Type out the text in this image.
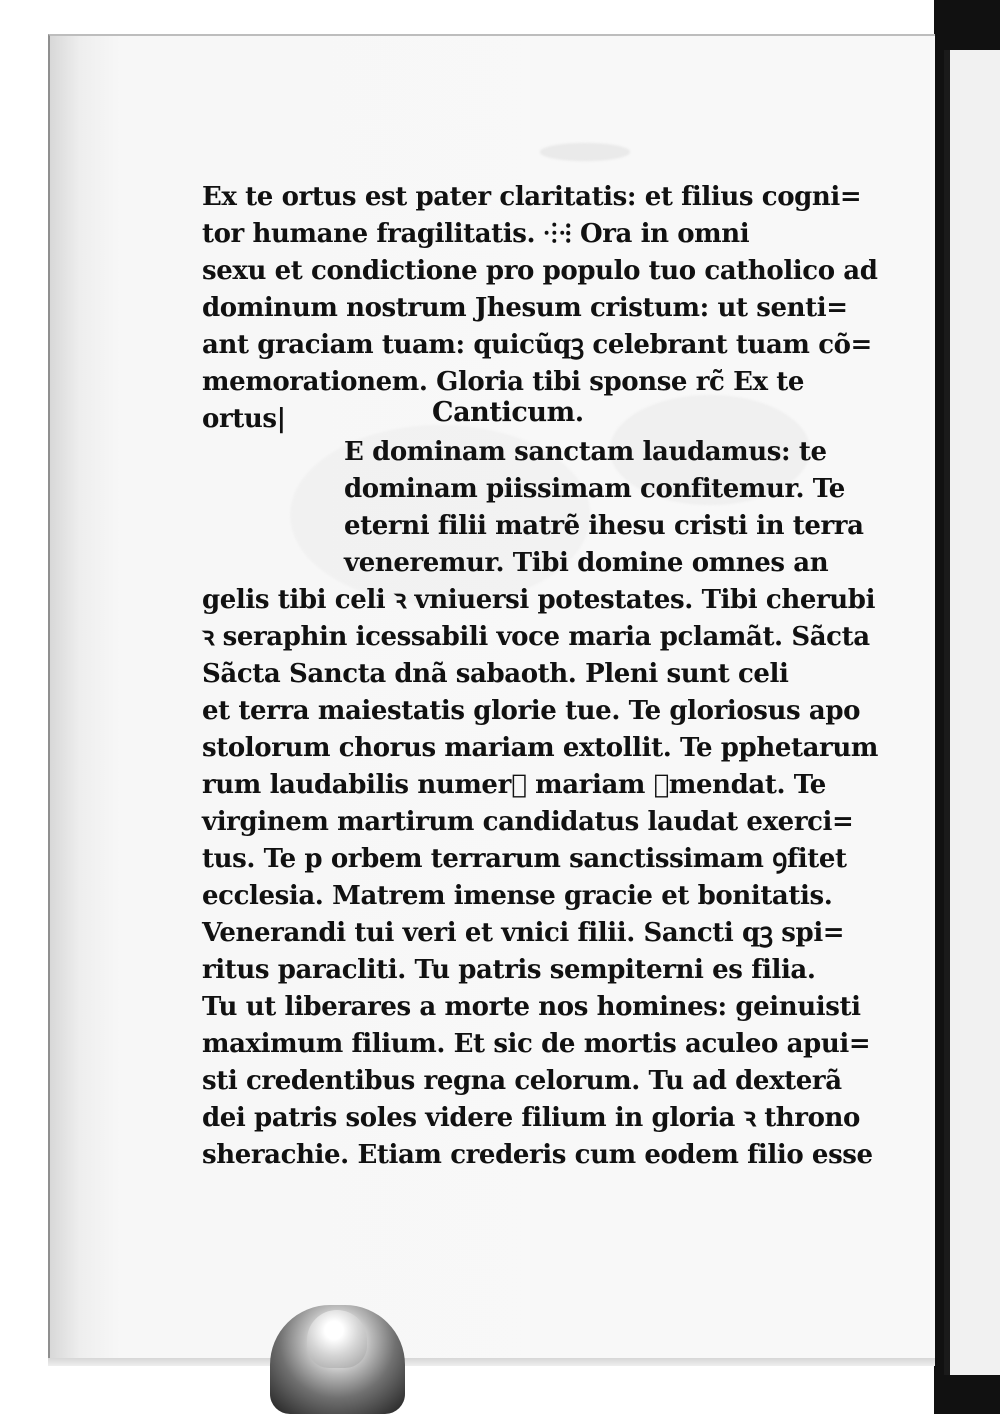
Ex te ortus est pater claritatis: et filius cogni=
tor humane fragilitatis. ⸭⁝ Ora in omni
sexu et condictione pro populo tuo catholico ad
dominum nostrum Jhesum cristum: ut senti=
ant graciam tuam: quicũqꝫ celebrant tuam cõ=
memorationem. Gloria tibi sponse rc̃ Ex te
ortus|	Canticum.
E dominam sanctam laudamus: te
dominam piissimam confitemur. Te
eterni filii matrẽ ihesu cristi in terra
veneremur. Tibi domine omnes an
gelis tibi celi ꝛ vniuersi potestates. Tibi cherubi
ꝛ seraphin icessabili voce maria pclamãt. Sãcta
Sãcta Sancta dnã sabaoth. Pleni sunt celi
et terra maiestatis glorie tue. Te gloriosus apo
stolorum chorus mariam extollit. Te pphetarum
rum laudabilis numer᷑ mariam ꝯmendat. Te
virginem martirum candidatus laudat exerci=
tus. Te p orbem terrarum sanctissimam ꝯfitet
ecclesia. Matrem imense gracie et bonitatis.
Venerandi tui veri et vnici filii. Sancti qꝫ spi=
ritus paracliti. Tu patris sempiterni es filia.
Tu ut liberares a morte nos homines: geinuisti
maximum filium. Et sic de mortis aculeo apui=
sti credentibus regna celorum. Tu ad dexterã
dei patris soles videre filium in gloria ꝛ throno
sherachie. Etiam crederis cum eodem filio esse
